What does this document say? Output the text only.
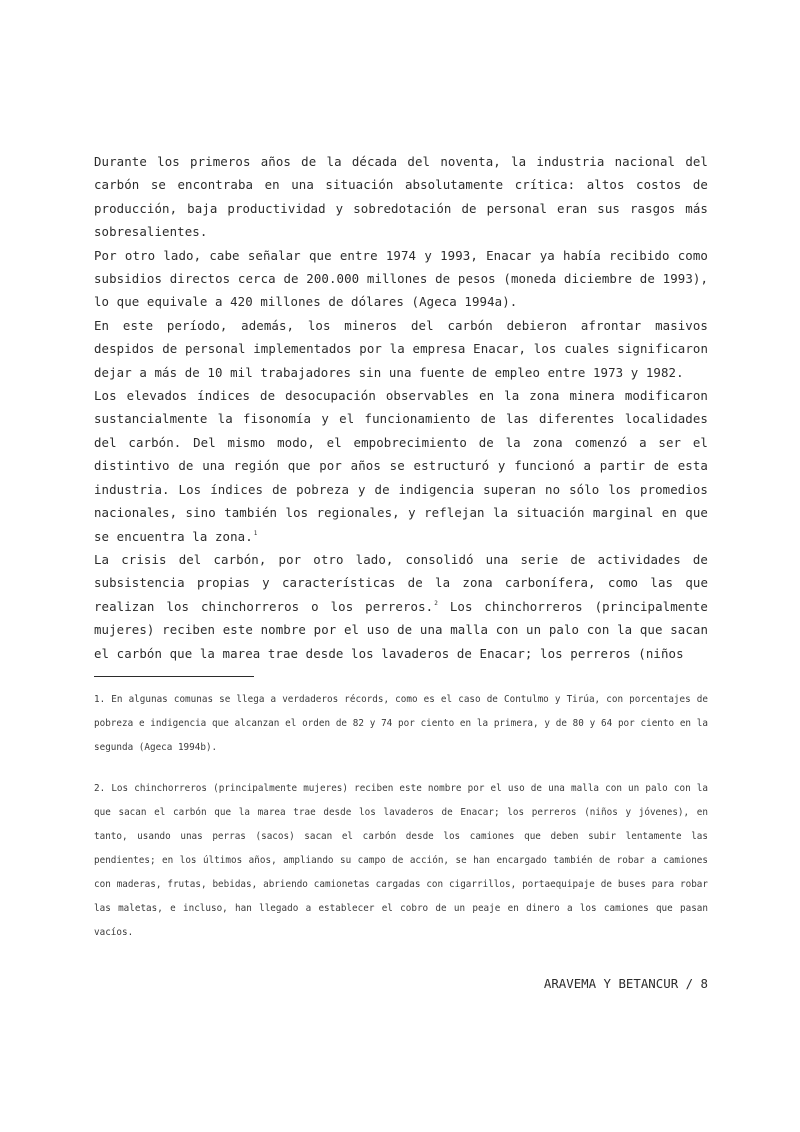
Durante los primeros años de la década del noventa, la industria nacional del carbón se encontraba en una situación absolutamente crítica: altos costos de producción, baja productividad y sobredotación de personal eran sus rasgos más sobresalientes.

Por otro lado, cabe señalar que entre 1974 y 1993, Enacar ya había recibido como subsidios directos cerca de 200.000 millones de pesos (moneda diciembre de 1993), lo que equivale a 420 millones de dólares (Ageca 1994a).

En este período, además, los mineros del carbón debieron afrontar masivos despidos de personal implementados por la empresa Enacar, los cuales significaron dejar a más de 10 mil trabajadores sin una fuente de empleo entre 1973 y 1982.

Los elevados índices de desocupación observables en la zona minera modificaron sustancialmente la fisonomía y el funcionamiento de las diferentes localidades del carbón. Del mismo modo, el empobrecimiento de la zona comenzó a ser el distintivo de una región que por años se estructuró y funcionó a partir de esta industria. Los índices de pobreza y de indigencia superan no sólo los promedios nacionales, sino también los regionales, y reflejan la situación marginal en que se encuentra la zona.$^1$

La crisis del carbón, por otro lado, consolidó una serie de actividades de subsistencia propias y características de la zona carbonífera, como las que realizan los chinchorreros o los perreros.$^2$ Los chinchorreros (principalmente mujeres) reciben este nombre por el uso de una malla con un palo con la que sacan el carbón que la marea trae desde los lavaderos de Enacar; los perreros (niños

1. En algunas comunas se llega a verdaderos récords, como es el caso de Contulmo y Tirúa, con porcentajes de pobreza e indigencia que alcanzan el orden de 82 y 74 por ciento en la primera, y de 80 y 64 por ciento en la segunda (Ageca 1994b).

2. Los chinchorreros (principalmente mujeres) reciben este nombre por el uso de una malla con un palo con la que sacan el carbón que la marea trae desde los lavaderos de Enacar; los perreros (niños y jóvenes), en tanto, usando unas perras (sacos) sacan el carbón desde los camiones que deben subir lentamente las pendientes; en los últimos años, ampliando su campo de acción, se han encargado también de robar a camiones con maderas, frutas, bebidas, abriendo camionetas cargadas con cigarrillos, portaequipaje de buses para robar las maletas, e incluso, han llegado a establecer el cobro de un peaje en dinero a los camiones que pasan vacíos.

ARAVEMA Y BETANCUR / 8
